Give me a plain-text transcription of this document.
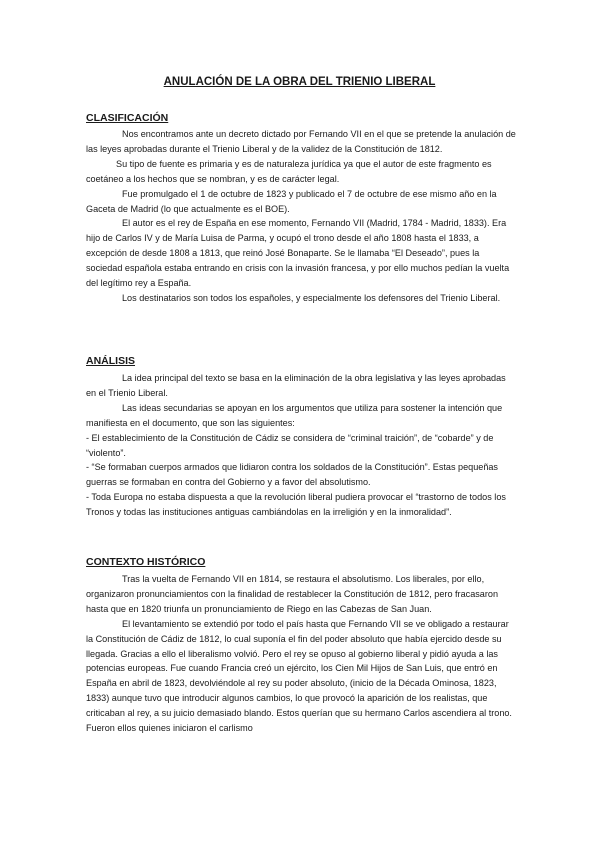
ANULACIÓN DE LA OBRA DEL TRIENIO LIBERAL
CLASIFICACIÓN

Nos encontramos ante un decreto dictado por Fernando VII en el que se pretende la anulación de las leyes aprobadas durante el Trienio Liberal y de la validez de la Constitución de 1812.

Su tipo de fuente es primaria y es de naturaleza jurídica ya que el autor de este fragmento es coetáneo a los hechos que se nombran, y es de carácter legal.

Fue promulgado el 1 de octubre de 1823 y publicado el 7 de octubre de ese mismo año en la Gaceta de Madrid (lo que actualmente es el BOE).

El autor es el rey de España en ese momento, Fernando VII (Madrid, 1784 - Madrid, 1833). Era hijo de Carlos IV y de María Luisa de Parma, y ocupó el trono desde el año 1808 hasta el 1833, a excepción de desde 1808 a 1813, que reinó José Bonaparte. Se le llamaba “El Deseado”, pues la sociedad española estaba entrando en crisis con la invasión francesa, y por ello muchos pedían la vuelta del legítimo rey a España.

Los destinatarios son todos los españoles, y especialmente los defensores del Trienio Liberal.

ANÁLISIS

La idea principal del texto se basa en la eliminación de la obra legislativa y las leyes aprobadas en el Trienio Liberal.

Las ideas secundarias se apoyan en los argumentos que utiliza para sostener la intención que manifiesta en el documento, que son las siguientes:

- El establecimiento de la Constitución de Cádiz se considera de “criminal traición”, de “cobarde” y de “violento”.

- “Se formaban cuerpos armados que lidiaron contra los soldados de la Constitución”. Estas pequeñas guerras se formaban en contra del Gobierno y a favor del absolutismo.

- Toda Europa no estaba dispuesta a que la revolución liberal pudiera provocar el “trastorno de todos los Tronos y todas las instituciones antiguas cambiándolas en la irreligión y en la inmoralidad”.

CONTEXTO HISTÓRICO

Tras la vuelta de Fernando VII en 1814, se restaura el absolutismo. Los liberales, por ello, organizaron pronunciamientos con la finalidad de restablecer la Constitución de 1812, pero fracasaron hasta que en 1820 triunfa un pronunciamiento de Riego en las Cabezas de San Juan.

El levantamiento se extendió por todo el país hasta que Fernando VII se ve obligado a restaurar la Constitución de Cádiz de 1812, lo cual suponía el fin del poder absoluto que había ejercido desde su llegada. Gracias a ello el liberalismo volvió. Pero el rey se opuso al gobierno liberal y pidió ayuda a las potencias europeas. Fue cuando Francia creó un ejército, los Cien Mil Hijos de San Luis, que entró en España en abril de 1823, devolviéndole al rey su poder absoluto, (inicio de la Década Ominosa, 1823, 1833) aunque tuvo que introducir algunos cambios, lo que provocó la aparición de los realistas, que criticaban al rey, a su juicio demasiado blando. Estos querían que su hermano Carlos ascendiera al trono. Fueron ellos quienes iniciaron el carlismo
